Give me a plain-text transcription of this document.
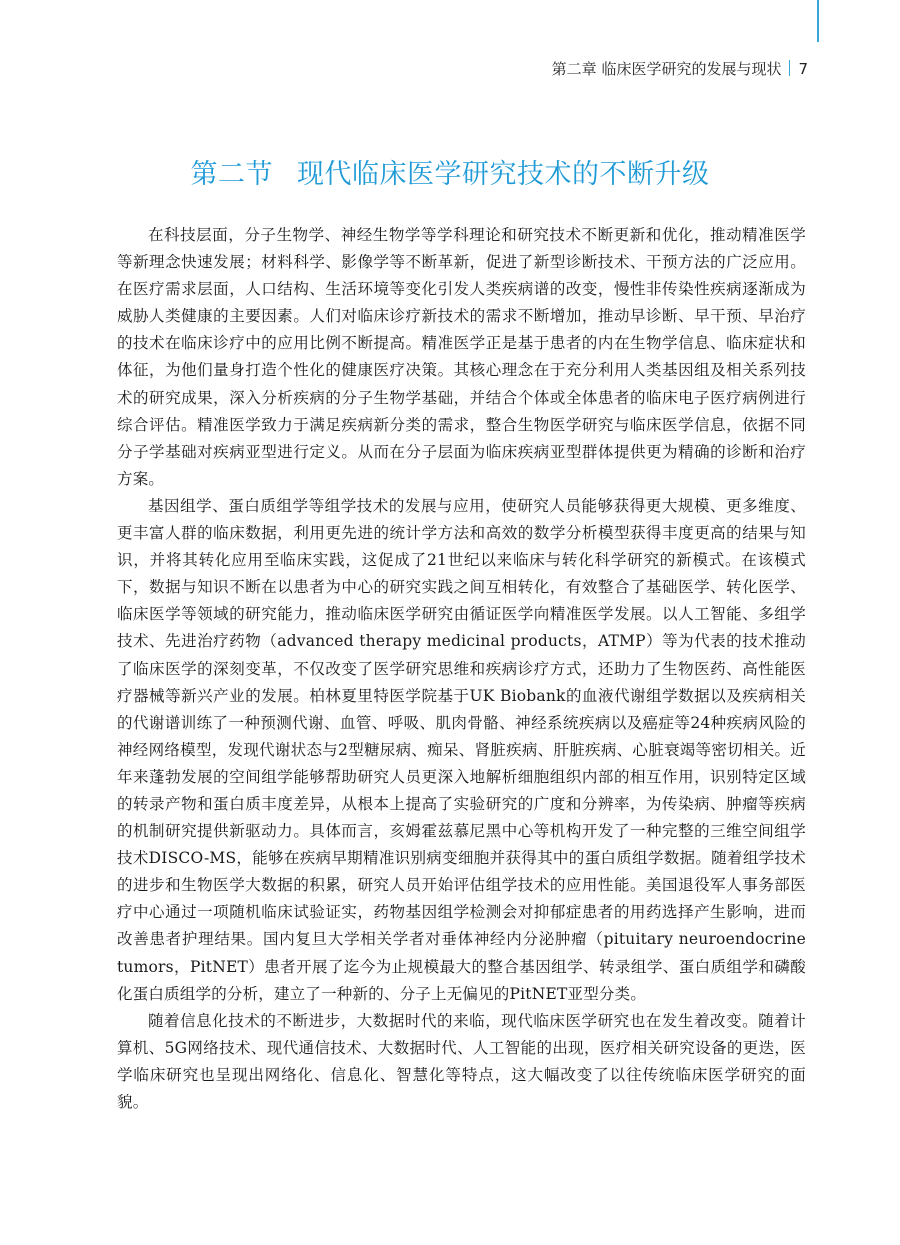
第二章 临床医学研究的发展与现状 7
第二节 现代临床医学研究技术的不断升级

在科技层面，分子生物学、神经生物学等学科理论和研究技术不断更新和优化，推动精准医学等新理念快速发展；材料科学、影像学等不断革新，促进了新型诊断技术、干预方法的广泛应用。在医疗需求层面，人口结构、生活环境等变化引发人类疾病谱的改变，慢性非传染性疾病逐渐成为威胁人类健康的主要因素。人们对临床诊疗新技术的需求不断增加，推动早诊断、早干预、早治疗的技术在临床诊疗中的应用比例不断提高。精准医学正是基于患者的内在生物学信息、临床症状和体征，为他们量身打造个性化的健康医疗决策。其核心理念在于充分利用人类基因组及相关系列技术的研究成果，深入分析疾病的分子生物学基础，并结合个体或全体患者的临床电子医疗病例进行综合评估。精准医学致力于满足疾病新分类的需求，整合生物医学研究与临床医学信息，依据不同分子学基础对疾病亚型进行定义。从而在分子层面为临床疾病亚型群体提供更为精确的诊断和治疗方案。

基因组学、蛋白质组学等组学技术的发展与应用，使研究人员能够获得更大规模、更多维度、更丰富人群的临床数据，利用更先进的统计学方法和高效的数学分析模型获得丰度更高的结果与知识，并将其转化应用至临床实践，这促成了21世纪以来临床与转化科学研究的新模式。在该模式下，数据与知识不断在以患者为中心的研究实践之间互相转化，有效整合了基础医学、转化医学、临床医学等领域的研究能力，推动临床医学研究由循证医学向精准医学发展。以人工智能、多组学技术、先进治疗药物（advanced therapy medicinal products，ATMP）等为代表的技术推动了临床医学的深刻变革，不仅改变了医学研究思维和疾病诊疗方式，还助力了生物医药、高性能医疗器械等新兴产业的发展。柏林夏里特医学院基于UK Biobank的血液代谢组学数据以及疾病相关的代谢谱训练了一种预测代谢、血管、呼吸、肌肉骨骼、神经系统疾病以及癌症等24种疾病风险的神经网络模型，发现代谢状态与2型糖尿病、痴呆、肾脏疾病、肝脏疾病、心脏衰竭等密切相关。近年来蓬勃发展的空间组学能够帮助研究人员更深入地解析细胞组织内部的相互作用，识别特定区域的转录产物和蛋白质丰度差异，从根本上提高了实验研究的广度和分辨率，为传染病、肿瘤等疾病的机制研究提供新驱动力。具体而言，亥姆霍兹慕尼黑中心等机构开发了一种完整的三维空间组学技术DISCO-MS，能够在疾病早期精准识别病变细胞并获得其中的蛋白质组学数据。随着组学技术的进步和生物医学大数据的积累，研究人员开始评估组学技术的应用性能。美国退役军人事务部医疗中心通过一项随机临床试验证实，药物基因组学检测会对抑郁症患者的用药选择产生影响，进而改善患者护理结果。国内复旦大学相关学者对垂体神经内分泌肿瘤（pituitary neuroendocrine tumors，PitNET）患者开展了迄今为止规模最大的整合基因组学、转录组学、蛋白质组学和磷酸化蛋白质组学的分析，建立了一种新的、分子上无偏见的PitNET亚型分类。

随着信息化技术的不断进步，大数据时代的来临，现代临床医学研究也在发生着改变。随着计算机、5G网络技术、现代通信技术、大数据时代、人工智能的出现，医疗相关研究设备的更迭，医学临床研究也呈现出网络化、信息化、智慧化等特点，这大幅改变了以往传统临床医学研究的面貌。
